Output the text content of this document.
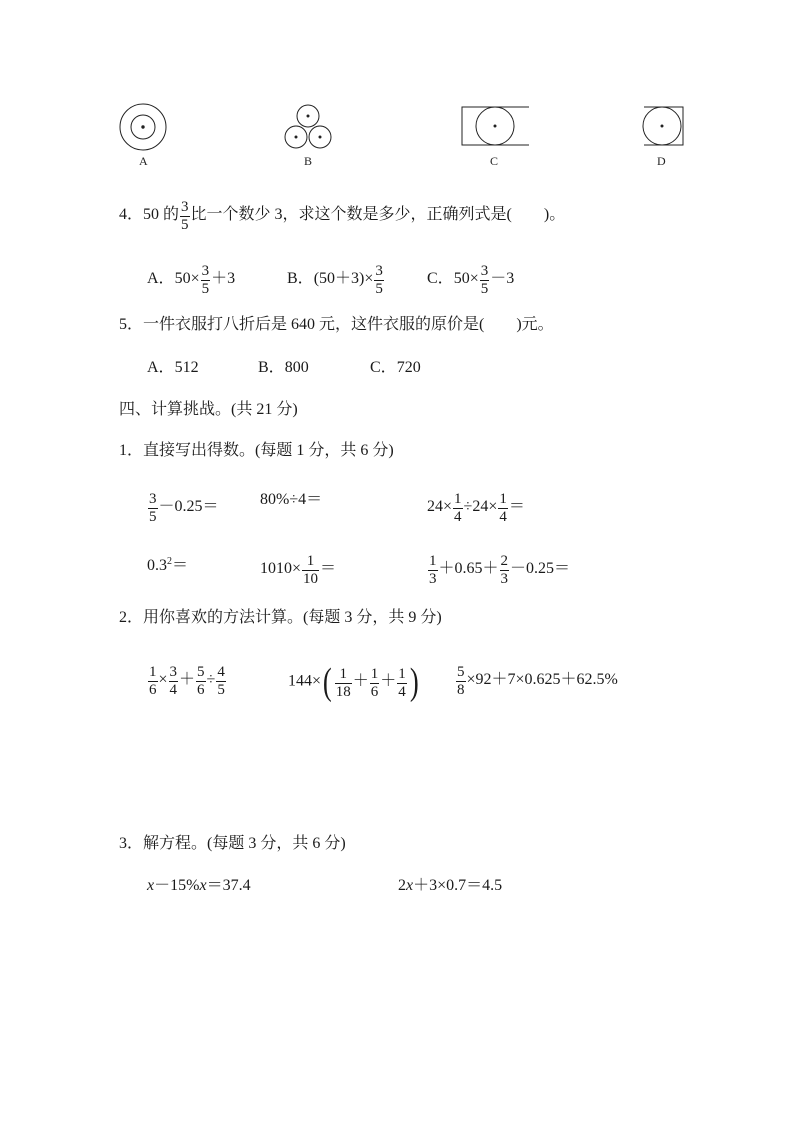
A	B	C	D
4．50 的 $\frac{3}{5}$ 比一个数少 3，求这个数是多少，正确列式是(　　)。
A．$50\times \frac{3}{5} +3$	B．$(50+3)\times \frac{3}{5}$	C．$50\times \frac{3}{5} -3$
5．一件衣服打八折后是 640 元，这件衣服的原价是(　　)元。
A．512	B．800	C．720
四、计算挑战。(共 21 分)
1．直接写出得数。(每题 1 分，共 6 分)
$\frac{3}{5} -0.25=$	80%÷4＝	$24\times \frac{1}{4} \div 24\times \frac{1}{4}$ ＝
$0.3^2=$	$1010\times \frac{1}{10}$ ＝	$\frac{1}{3} +0.65+ \frac{2}{3} -0.25=$
2．用你喜欢的方法计算。(每题 3 分，共 9 分)
$\frac{1}{6} \times \frac{3}{4} + \frac{5}{6} \div \frac{4}{5}$	$144\times( \frac{1}{18} + \frac{1}{6} + \frac{1}{4}$ )	$\frac{5}{8} \times 92+7\times 0.625+62.5\%$
3．解方程。(每题 3 分，共 6 分)
x－15%x＝37.4	2x＋3×0.7＝4.5
